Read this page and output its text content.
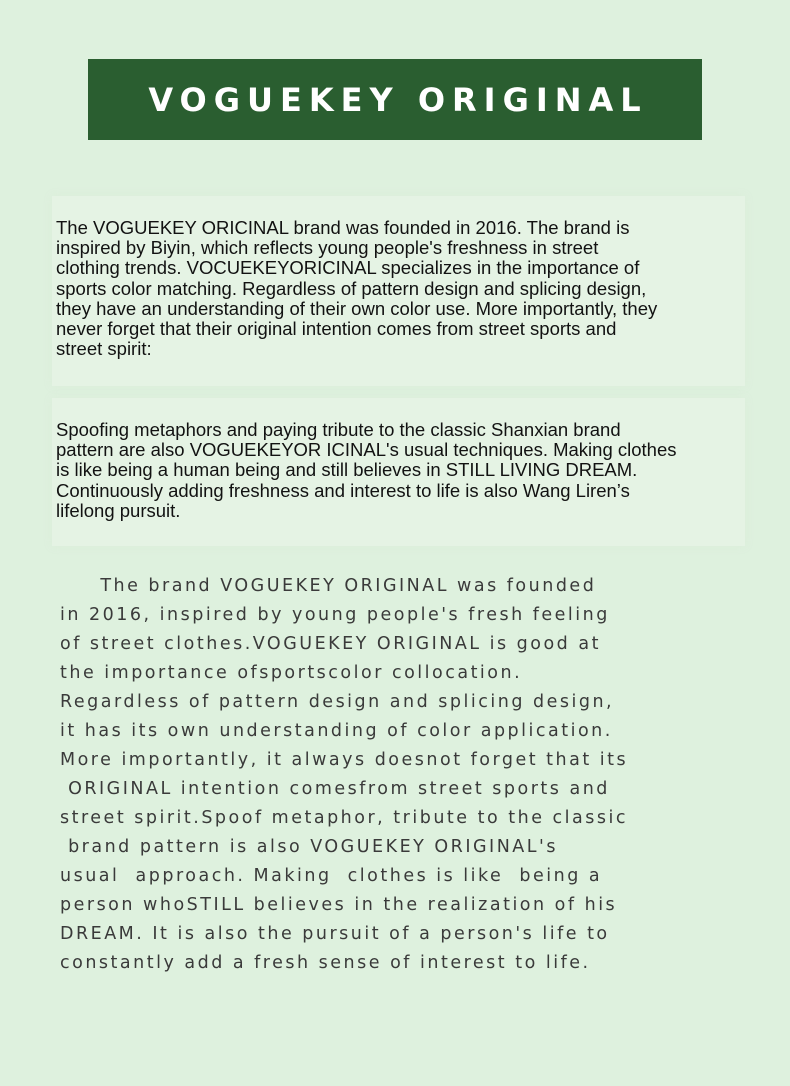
VOGUEKEY ORIGINAL

The VOGUEKEY ORICINAL brand was founded in 2016. The brand is
inspired by Biyin, which reflects young people's freshness in street
clothing trends. VOCUEKEYORICINAL specializes in the importance of
sports color matching. Regardless of pattern design and splicing design,
they have an understanding of their own color use. More importantly, they
never forget that their original intention comes from street sports and
street spirit:

Spoofing metaphors and paying tribute to the classic Shanxian brand
pattern are also VOGUEKEYOR ICINAL's usual techniques. Making clothes
is like being a human being and still believes in STILL LIVING DREAM.
Continuously adding freshness and interest to life is also Wang Liren’s
lifelong pursuit.

The brand VOGUEKEY ORIGINAL was founded
in 2016, inspired by young people's fresh feeling
of street clothes.VOGUEKEY ORIGINAL is good at
the importance ofsportscolor collocation.
Regardless of pattern design and splicing design,
it has its own understanding of color application.
More importantly, it always doesnot forget that its
ORIGINAL intention comesfrom street sports and
street spirit.Spoof metaphor, tribute to the classic
brand pattern is also VOGUEKEY ORIGINAL's
usual  approach. Making  clothes is like  being a
person whoSTILL believes in the realization of his
DREAM. It is also the pursuit of a person's life to
constantly add a fresh sense of interest to life.
